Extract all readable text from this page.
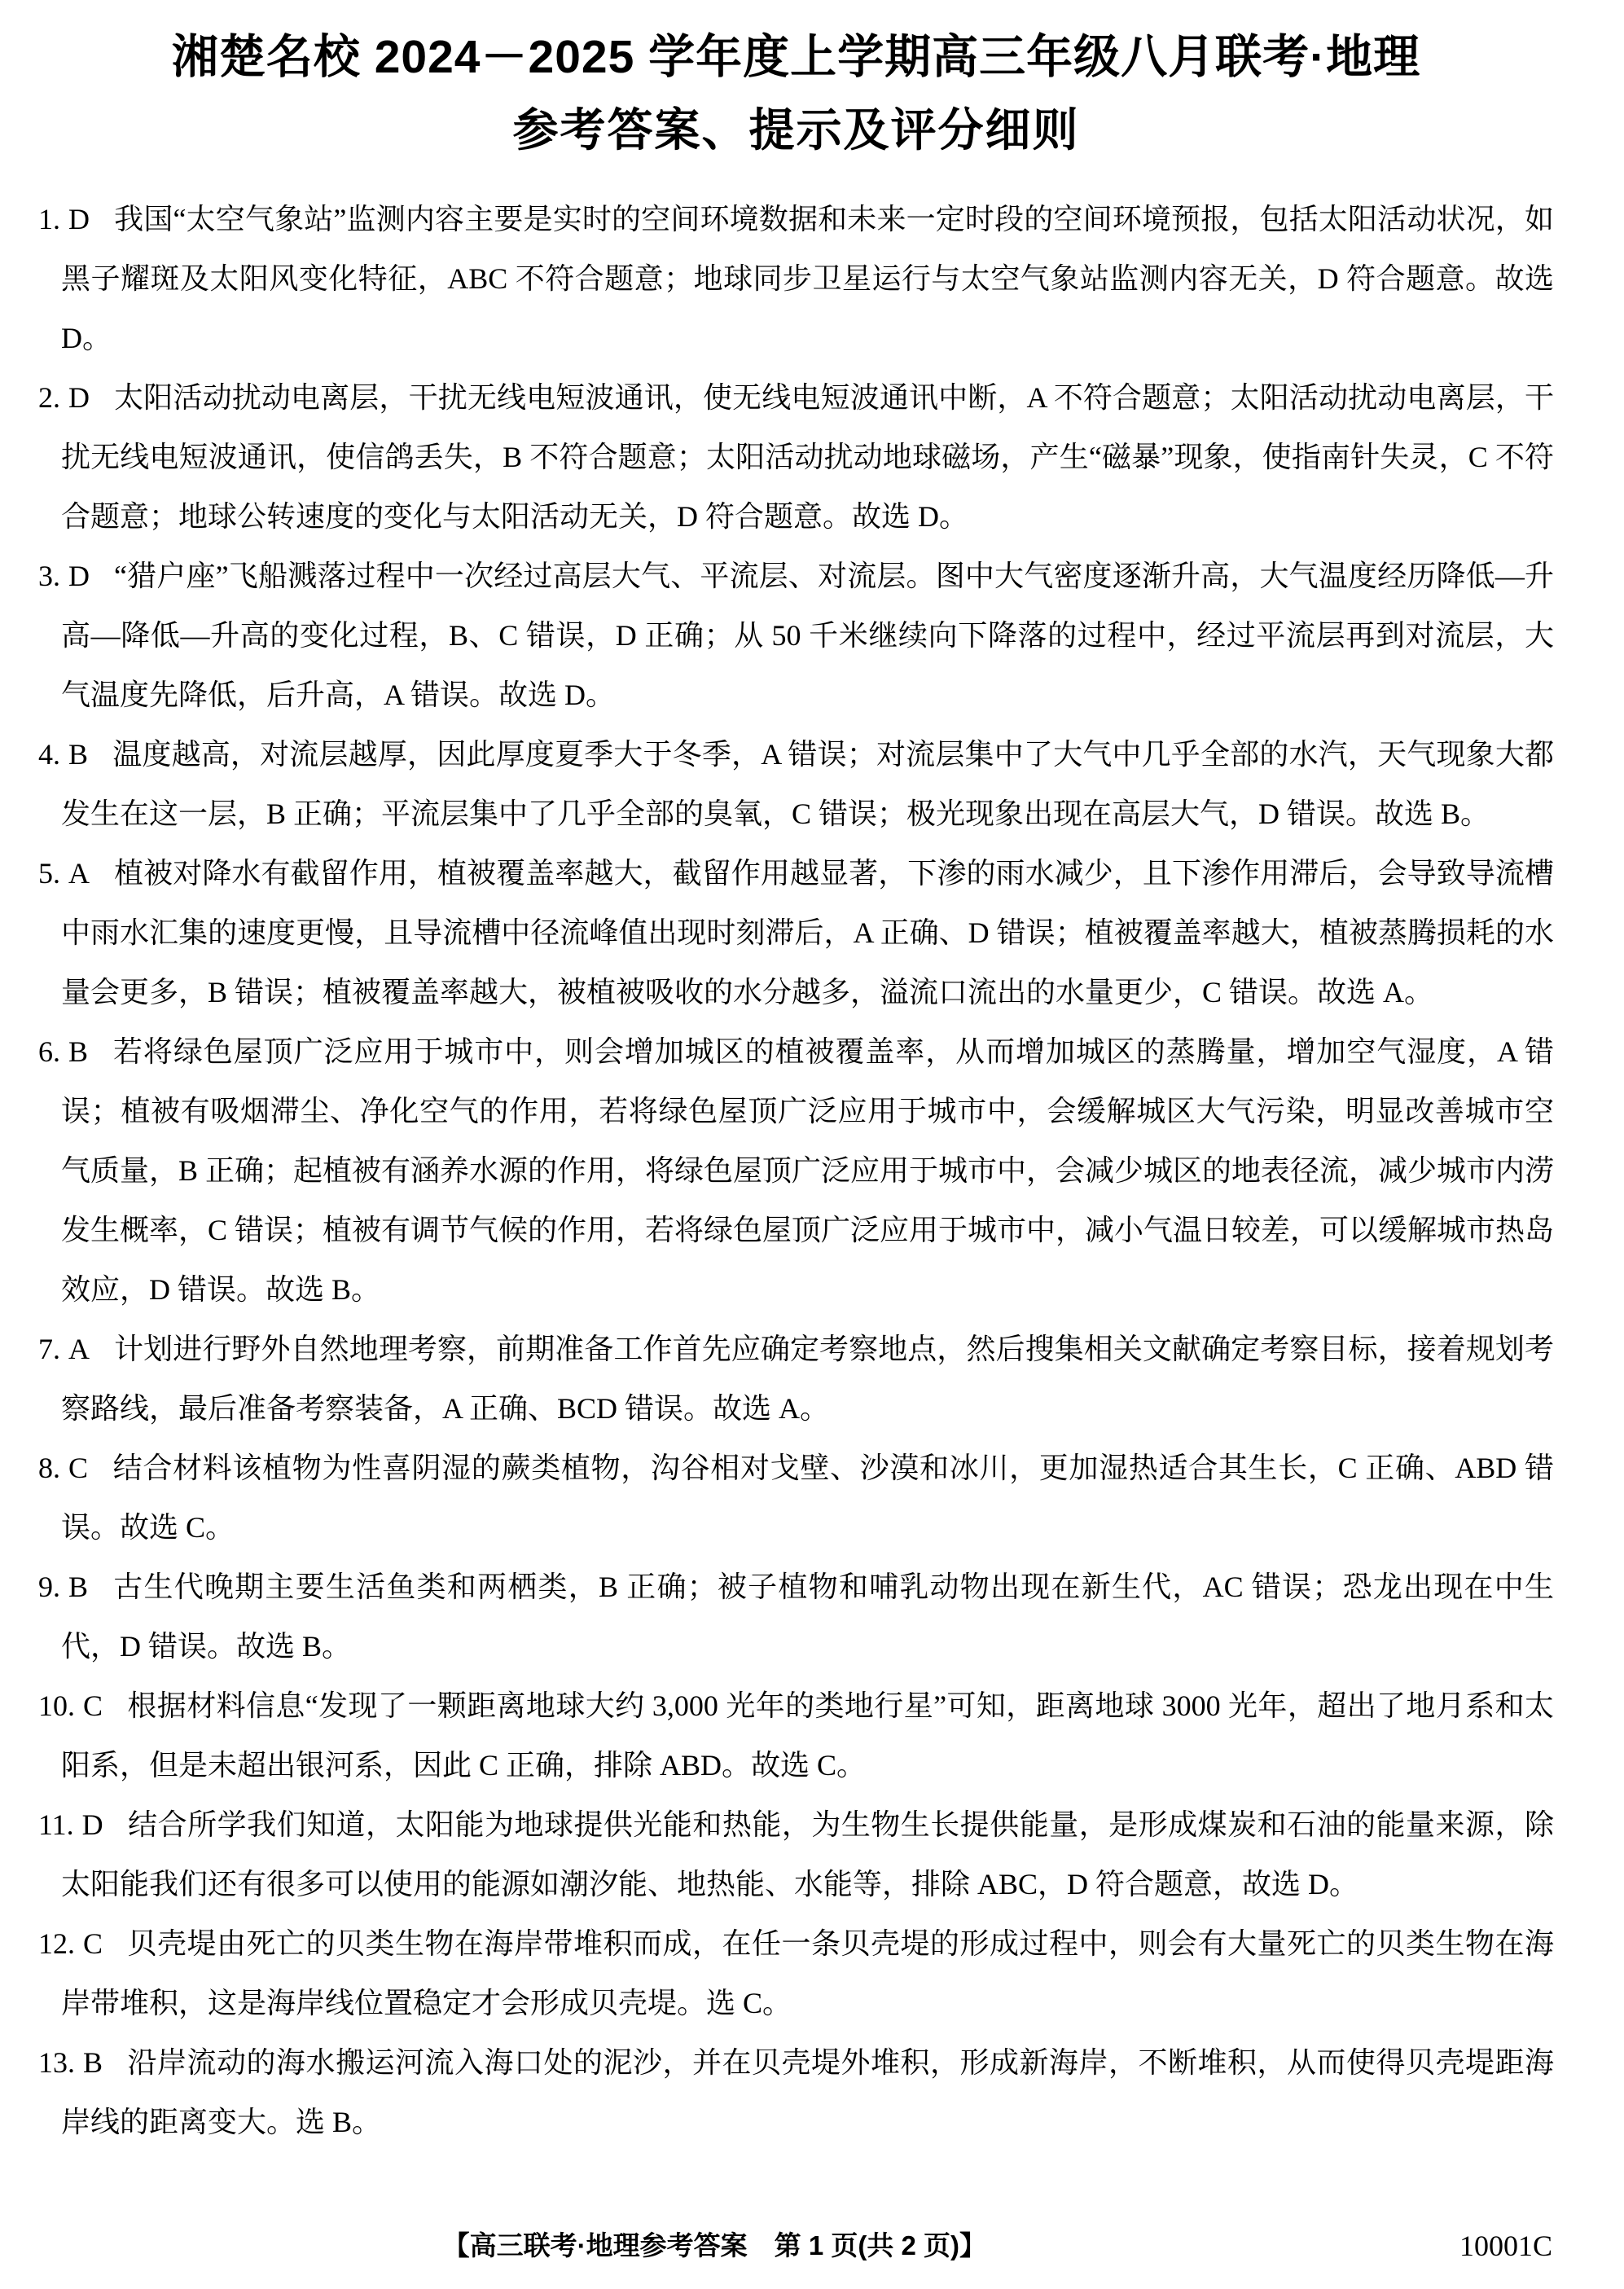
湘楚名校 2024－2025 学年度上学期高三年级八月联考·地理
参考答案、提示及评分细则

1. D 我国“太空气象站”监测内容主要是实时的空间环境数据和未来一定时段的空间环境预报，包括太阳活动状况，如黑子耀斑及太阳风变化特征，ABC 不符合题意；地球同步卫星运行与太空气象站监测内容无关，D 符合题意。故选 D。

2. D 太阳活动扰动电离层，干扰无线电短波通讯，使无线电短波通讯中断，A 不符合题意；太阳活动扰动电离层，干扰无线电短波通讯，使信鸽丢失，B 不符合题意；太阳活动扰动地球磁场，产生“磁暴”现象，使指南针失灵，C 不符合题意；地球公转速度的变化与太阳活动无关，D 符合题意。故选 D。

3. D “猎户座”飞船溅落过程中一次经过高层大气、平流层、对流层。图中大气密度逐渐升高，大气温度经历降低—升高—降低—升高的变化过程，B、C 错误，D 正确；从 50 千米继续向下降落的过程中，经过平流层再到对流层，大气温度先降低，后升高，A 错误。故选 D。

4. B 温度越高，对流层越厚，因此厚度夏季大于冬季，A 错误；对流层集中了大气中几乎全部的水汽，天气现象大都发生在这一层，B 正确；平流层集中了几乎全部的臭氧，C 错误；极光现象出现在高层大气，D 错误。故选 B。

5. A 植被对降水有截留作用，植被覆盖率越大，截留作用越显著，下渗的雨水减少，且下渗作用滞后，会导致导流槽中雨水汇集的速度更慢，且导流槽中径流峰值出现时刻滞后，A 正确、D 错误；植被覆盖率越大，植被蒸腾损耗的水量会更多，B 错误；植被覆盖率越大，被植被吸收的水分越多，溢流口流出的水量更少，C 错误。故选 A。

6. B 若将绿色屋顶广泛应用于城市中，则会增加城区的植被覆盖率，从而增加城区的蒸腾量，增加空气湿度，A 错误；植被有吸烟滞尘、净化空气的作用，若将绿色屋顶广泛应用于城市中，会缓解城区大气污染，明显改善城市空气质量，B 正确；起植被有涵养水源的作用，将绿色屋顶广泛应用于城市中，会减少城区的地表径流，减少城市内涝发生概率，C 错误；植被有调节气候的作用，若将绿色屋顶广泛应用于城市中，减小气温日较差，可以缓解城市热岛效应，D 错误。故选 B。

7. A 计划进行野外自然地理考察，前期准备工作首先应确定考察地点，然后搜集相关文献确定考察目标，接着规划考察路线，最后准备考察装备，A 正确、BCD 错误。故选 A。

8. C 结合材料该植物为性喜阴湿的蕨类植物，沟谷相对戈壁、沙漠和冰川，更加湿热适合其生长，C 正确、ABD 错误。故选 C。

9. B 古生代晚期主要生活鱼类和两栖类，B 正确；被子植物和哺乳动物出现在新生代，AC 错误；恐龙出现在中生代，D 错误。故选 B。

10. C 根据材料信息“发现了一颗距离地球大约 3,000 光年的类地行星”可知，距离地球 3000 光年，超出了地月系和太阳系，但是未超出银河系，因此 C 正确，排除 ABD。故选 C。

11. D 结合所学我们知道，太阳能为地球提供光能和热能，为生物生长提供能量，是形成煤炭和石油的能量来源，除太阳能我们还有很多可以使用的能源如潮汐能、地热能、水能等，排除 ABC，D 符合题意，故选 D。

12. C 贝壳堤由死亡的贝类生物在海岸带堆积而成，在任一条贝壳堤的形成过程中，则会有大量死亡的贝类生物在海岸带堆积，这是海岸线位置稳定才会形成贝壳堤。选 C。

13. B 沿岸流动的海水搬运河流入海口处的泥沙，并在贝壳堤外堆积，形成新海岸，不断堆积，从而使得贝壳堤距海岸线的距离变大。选 B。

【高三联考·地理参考答案　第 1 页(共 2 页)】	10001C
